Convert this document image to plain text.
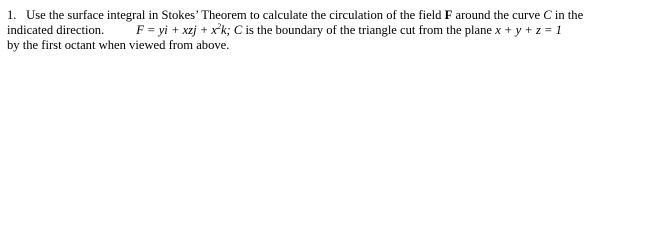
1. Use the surface integral in Stokes’ Theorem to calculate the circulation of the field F around the curve C in the
indicated direction.	F = yi + xzj + $x^2k$; C is the boundary of the triangle cut from the plane x + y + z = 1
by the first octant when viewed from above.
